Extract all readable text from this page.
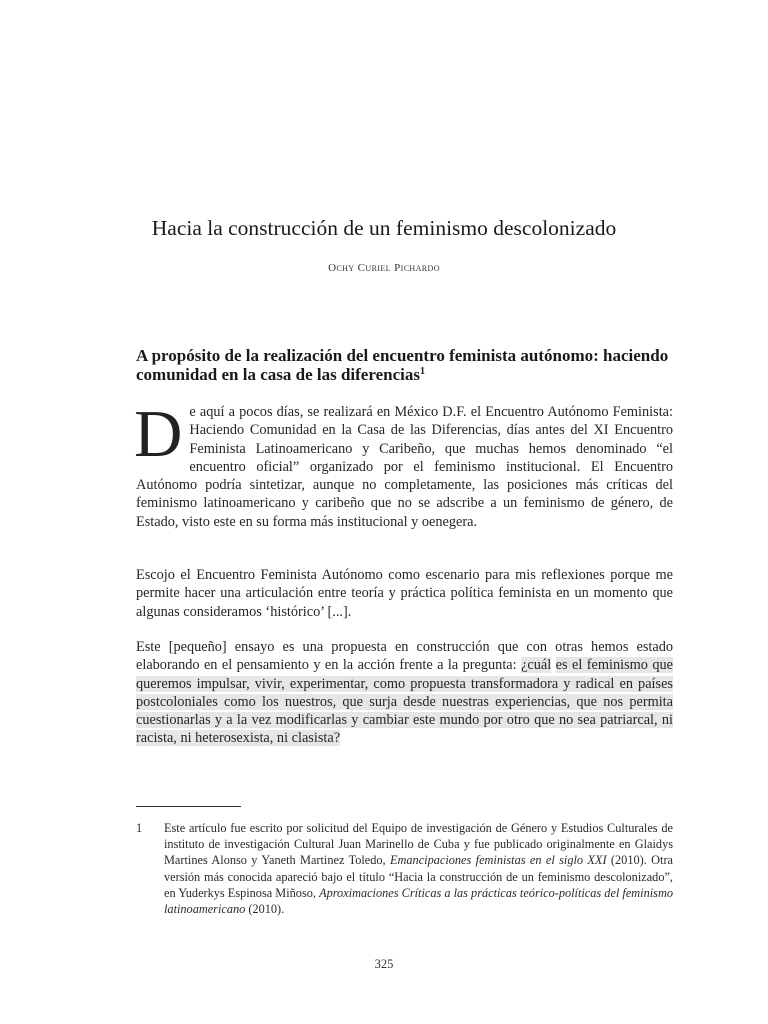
Hacia la construcción de un feminismo descolonizado
Ochy Curiel Pichardo
A propósito de la realización del encuentro feminista autónomo: haciendo comunidad en la casa de las diferencias$^1$

De aquí a pocos días, se realizará en México D.F. el Encuentro Autónomo Feminista: Haciendo Comunidad en la Casa de las Diferencias, días antes del XI Encuentro Feminista Latinoamericano y Caribeño, que muchas hemos denominado “el encuentro oficial” organizado por el feminismo institucional. El Encuentro Autónomo podría sintetizar, aunque no completamente, las posiciones más críticas del feminismo latinoamericano y caribeño que no se adscribe a un feminismo de género, de Estado, visto este en su forma más institucional y oenegera.

Escojo el Encuentro Feminista Autónomo como escenario para mis reflexiones porque me permite hacer una articulación entre teoría y práctica política feminista en un momento que algunas consideramos ‘histórico’ [...].

Este [pequeño] ensayo es una propuesta en construcción que con otras hemos estado elaborando en el pensamiento y en la acción frente a la pregunta: ¿cuál es el feminismo que queremos impulsar, vivir, experimentar, como propuesta transformadora y radical en países postcoloniales como los nuestros, que surja desde nuestras experiencias, que nos permita cuestionarlas y a la vez modificarlas y cambiar este mundo por otro que no sea patriarcal, ni racista, ni heterosexista, ni clasista?

1	Este artículo fue escrito por solicitud del Equipo de investigación de Género y Estudios Culturales de instituto de investigación Cultural Juan Marinello de Cuba y fue publicado originalmente en Glaidys Martines Alonso y Yaneth Martinez Toledo, Emancipaciones feministas en el siglo XXI (2010). Otra versión más conocida apareció bajo el título “Hacia la construcción de un feminismo descolonizado”, en Yuderkys Espinosa Miñoso, Aproximaciones Críticas a las prácticas teórico-políticas del feminismo latinoamericano (2010).
325
